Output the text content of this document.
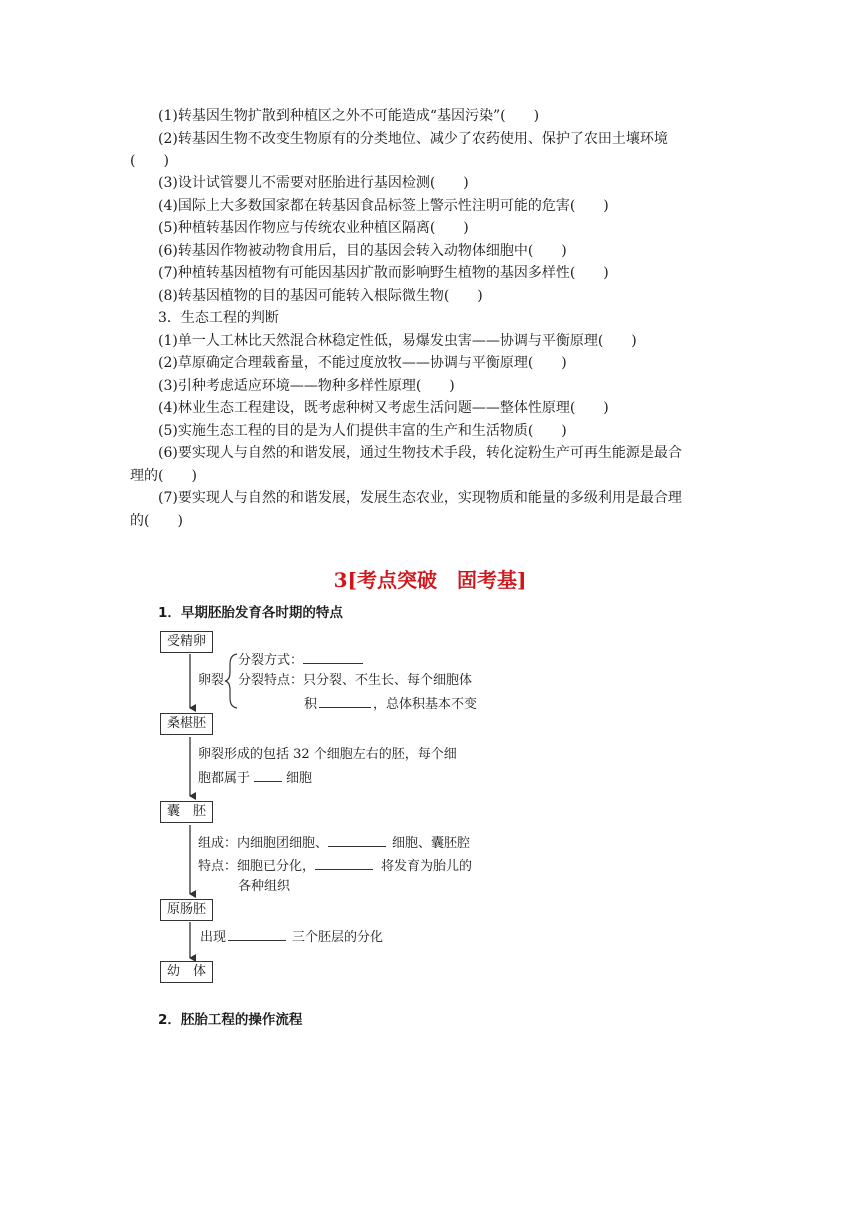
(1)转基因生物扩散到种植区之外不可能造成“基因污染”(　　)
(2)转基因生物不改变生物原有的分类地位、减少了农药使用、保护了农田土壤环境
(　　)
(3)设计试管婴儿不需要对胚胎进行基因检测(　　)
(4)国际上大多数国家都在转基因食品标签上警示性注明可能的危害(　　)
(5)种植转基因作物应与传统农业种植区隔离(　　)
(6)转基因作物被动物食用后，目的基因会转入动物体细胞中(　　)
(7)种植转基因植物有可能因基因扩散而影响野生植物的基因多样性(　　)
(8)转基因植物的目的基因可能转入根际微生物(　　)
3．生态工程的判断
(1)单一人工林比天然混合林稳定性低，易爆发虫害——协调与平衡原理(　　)
(2)草原确定合理载畜量，不能过度放牧——协调与平衡原理(　　)
(3)引种考虑适应环境——物种多样性原理(　　)
(4)林业生态工程建设，既考虑种树又考虑生活问题——整体性原理(　　)
(5)实施生态工程的目的是为人们提供丰富的生产和生活物质(　　)
(6)要实现人与自然的和谐发展，通过生物技术手段，转化淀粉生产可再生能源是最合
理的(　　)
(7)要实现人与自然的和谐发展，发展生态农业，实现物质和能量的多级利用是最合理
的(　　)
3[考点突破　固考基]
1．早期胚胎发育各时期的特点
受精卵
桑椹胚
囊　胚
原肠胚
幼　体
卵裂
分裂方式：
分裂特点：只分裂、不生长、每个细胞体
积	，总体积基本不变
卵裂形成的包括 32 个细胞左右的胚，每个细
胞都属于	细胞
组成：内细胞团细胞、	细胞、囊胚腔
特点：细胞已分化，	将发育为胎儿的
各种组织
出现	三个胚层的分化
2．胚胎工程的操作流程
